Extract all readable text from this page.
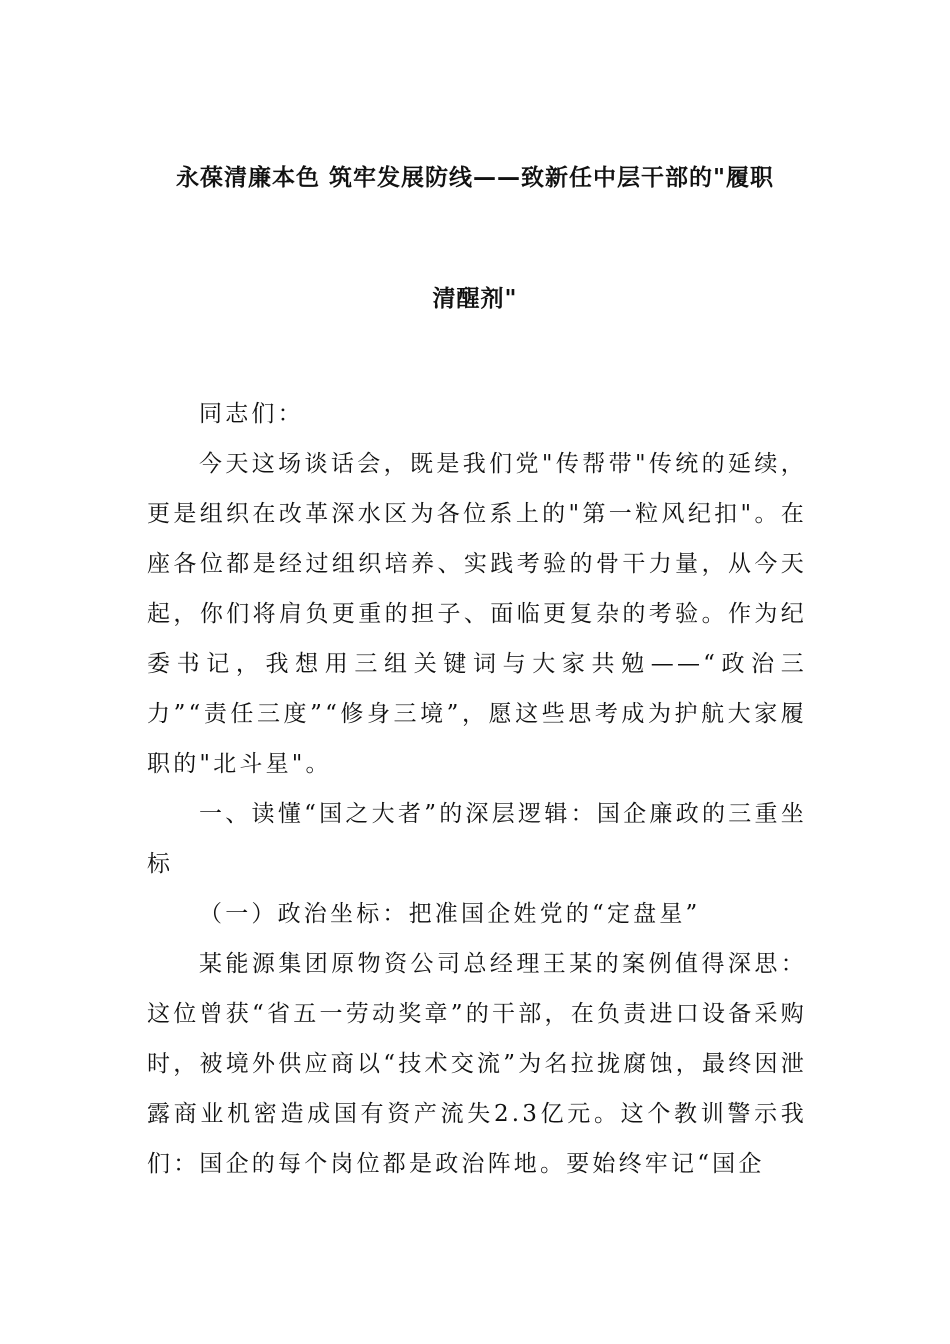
永葆清廉本色 筑牢发展防线——致新任中层干部的"履职
清醒剂"

同志们：

今天这场谈话会，既是我们党"传帮带"传统的延续，更是组织在改革深水区为各位系上的"第一粒风纪扣"。在座各位都是经过组织培养、实践考验的骨干力量，从今天起，你们将肩负更重的担子、面临更复杂的考验。作为纪委书记，我想用三组关键词与大家共勉——“政治三力”“责任三度”“修身三境”，愿这些思考成为护航大家履职的"北斗星"。

一、读懂“国之大者”的深层逻辑：国企廉政的三重坐标

（一）政治坐标：把准国企姓党的“定盘星”

某能源集团原物资公司总经理王某的案例值得深思：这位曾获“省五一劳动奖章”的干部，在负责进口设备采购时，被境外供应商以“技术交流”为名拉拢腐蚀，最终因泄露商业机密造成国有资产流失2.3亿元。这个教训警示我们：国企的每个岗位都是政治阵地。要始终牢记“国企
